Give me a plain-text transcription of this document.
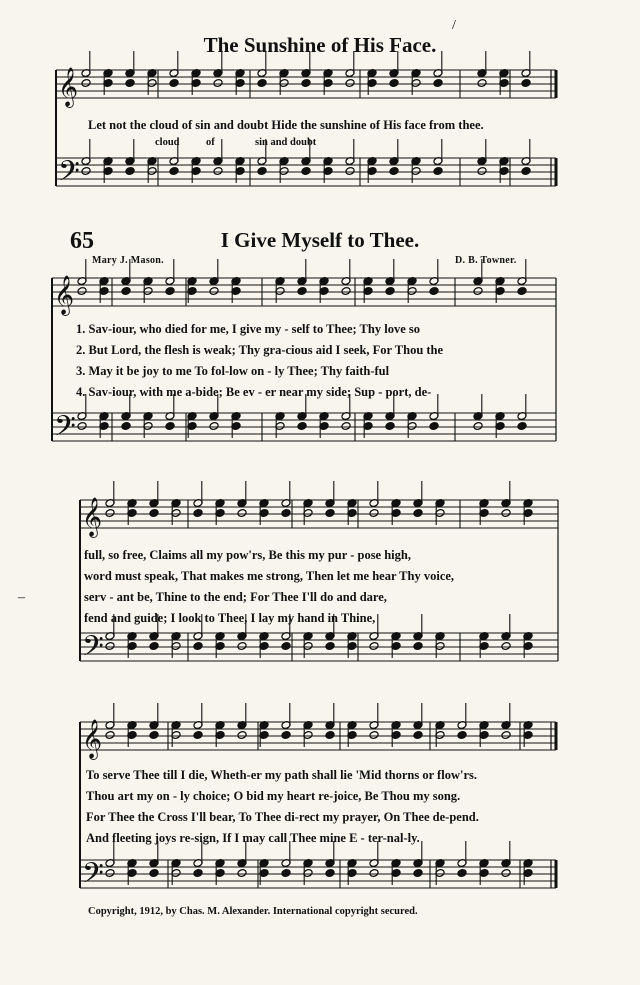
𝄞
𝄢
𝄞
𝄢
𝄞
𝄢
𝄞
𝄢
/
‒
The Sunshine of His Face.
Let not the cloud of sin and doubt Hide the sunshine of His face from thee.
cloud	of	sin and doubt
65	I Give Myself to Thee.
Mary J. Mason.	D. B. Towner.
1. Sav-iour, who died for me, I give my - self to Thee; Thy love so
2. But Lord, the flesh is weak; Thy gra-cious aid I seek, For Thou the
3. May it be joy to me To fol-low on - ly Thee; Thy faith-ful
4. Sav-iour, with me a-bide; Be ev - er near my side; Sup - port, de-
full, so free, Claims all my pow'rs, Be this my pur - pose high,
word must speak, That makes me strong, Then let me hear Thy voice,
serv - ant be, Thine to the end; For Thee I'll do and dare,
fend and guide; I look to Thee, I lay my hand in Thine,
To serve Thee till I die, Wheth-er my path shall lie 'Mid thorns or flow'rs.
Thou art my on - ly choice; O bid my heart re-joice, Be Thou my song.
For Thee the Cross I'll bear, To Thee di-rect my prayer, On Thee de-pend.
And fleeting joys re-sign, If I may call Thee mine E - ter-nal-ly.
Copyright, 1912, by Chas. M. Alexander. International copyright secured.
